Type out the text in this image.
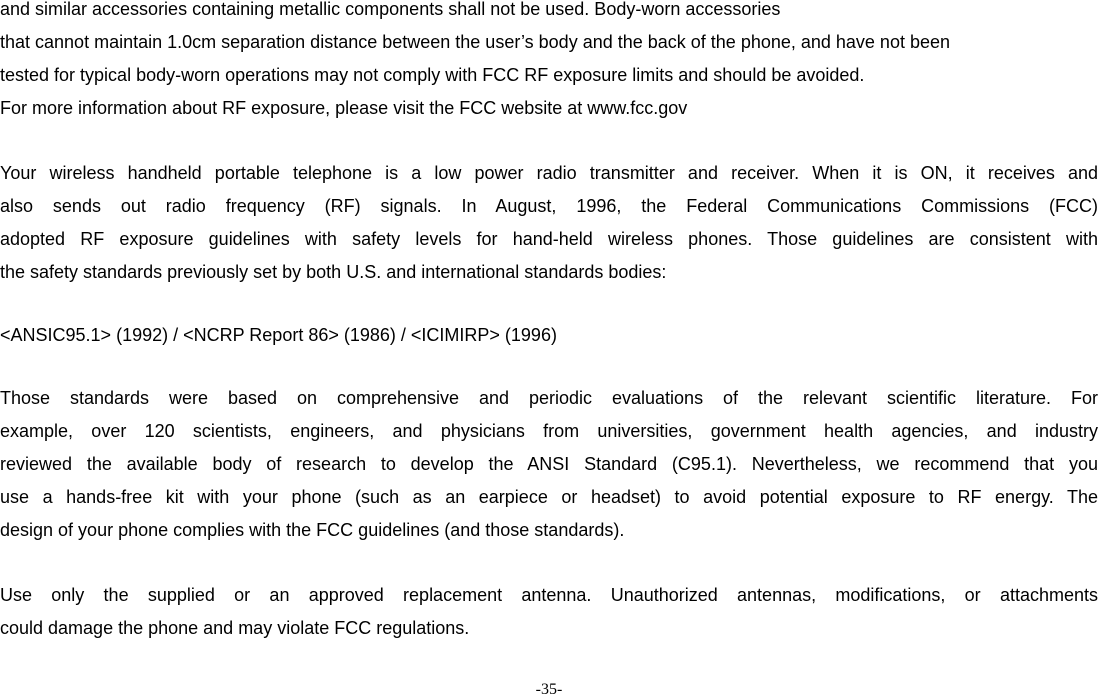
and similar accessories containing metallic components shall not be used. Body-worn accessories
that cannot maintain 1.0cm separation distance between the user’s body and the back of the phone, and have not been
tested for typical body-worn operations may not comply with FCC RF exposure limits and should be avoided.
For more information about RF exposure, please visit the FCC website at www.fcc.gov
Your wireless handheld portable telephone is a low power radio transmitter and receiver. When it is ON, it receives and
also sends out radio frequency (RF) signals. In August, 1996, the Federal Communications Commissions (FCC)
adopted RF exposure guidelines with safety levels for hand-held wireless phones. Those guidelines are consistent with
the safety standards previously set by both U.S. and international standards bodies:
<ANSIC95.1> (1992) / <NCRP Report 86> (1986) / <ICIMIRP> (1996)
Those standards were based on comprehensive and periodic evaluations of the relevant scientific literature. For
example, over 120 scientists, engineers, and physicians from universities, government health agencies, and industry
reviewed the available body of research to develop the ANSI Standard (C95.1). Nevertheless, we recommend that you
use a hands-free kit with your phone (such as an earpiece or headset) to avoid potential exposure to RF energy. The
design of your phone complies with the FCC guidelines (and those standards).
Use only the supplied or an approved replacement antenna. Unauthorized antennas, modifications, or attachments
could damage the phone and may violate FCC regulations.
-35-
